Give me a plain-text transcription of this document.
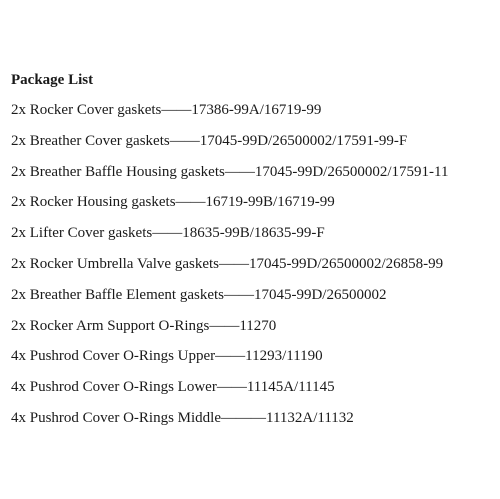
Package List
2x Rocker Cover gaskets——17386-99A/16719-99
2x Breather Cover gaskets——17045-99D/26500002/17591-99-F
2x Breather Baffle Housing gaskets——17045-99D/26500002/17591-11
2x Rocker Housing gaskets——16719-99B/16719-99
2x Lifter Cover gaskets——18635-99B/18635-99-F
2x Rocker Umbrella Valve gaskets——17045-99D/26500002/26858-99
2x Breather Baffle Element gaskets——17045-99D/26500002
2x Rocker Arm Support O-Rings——11270
4x Pushrod Cover O-Rings Upper——11293/11190
4x Pushrod Cover O-Rings Lower——11145A/11145
4x Pushrod Cover O-Rings Middle———11132A/11132
